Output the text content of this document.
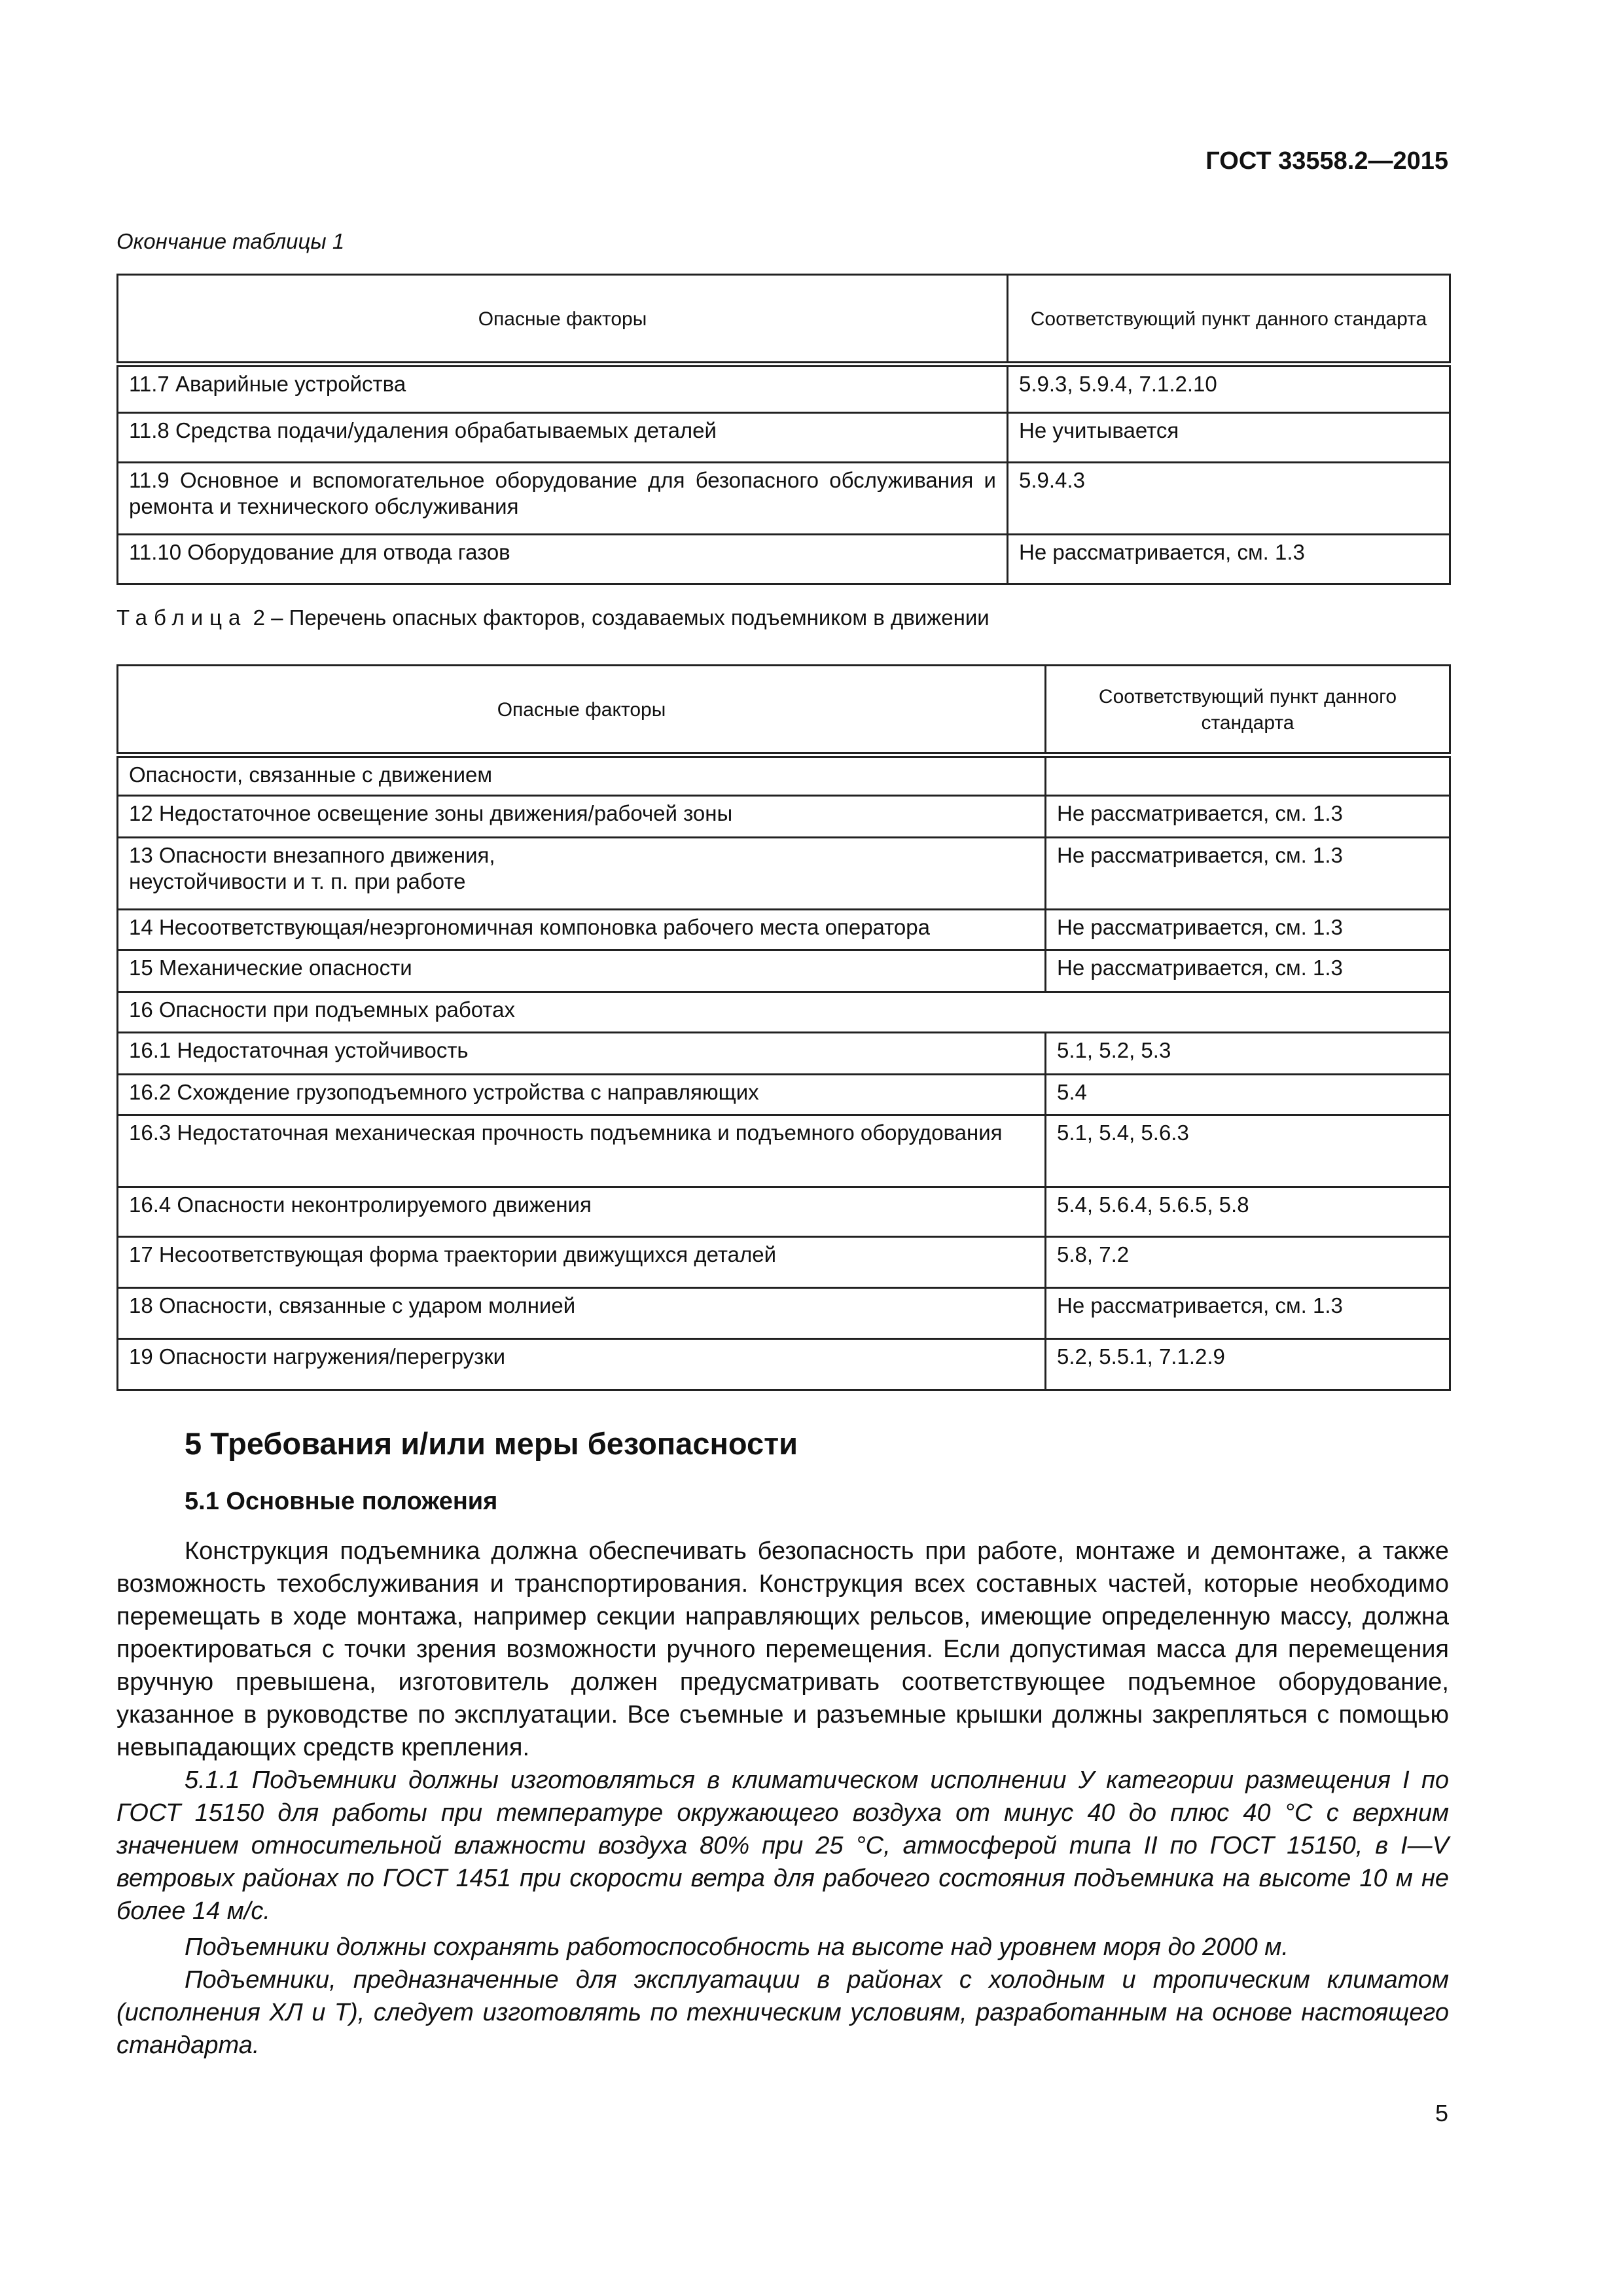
ГОСТ 33558.2—2015
Окончание таблицы 1
Опасные факторы	Соответствующий пункт данного стандарта
11.7 Аварийные устройства	5.9.3, 5.9.4, 7.1.2.10
11.8 Средства подачи/удаления обрабатываемых деталей	Не учитывается
11.9 Основное и вспомогательное оборудование для безопасного обслуживания и ремонта и технического обслуживания	5.9.4.3
11.10 Оборудование для отвода газов	Не рассматривается, см. 1.3
Таблица 2 – Перечень опасных факторов, создаваемых подъемником в движении
Опасные факторы	Соответствующий пункт данного стандарта
Опасности, связанные с движением	
12 Недостаточное освещение зоны движения/рабочей зоны	Не рассматривается, см. 1.3
13 Опасности внезапного движения, неустойчивости и т. п. при работе	Не рассматривается, см. 1.3
14 Несоответствующая/неэргономичная компоновка рабочего места оператора	Не рассматривается, см. 1.3
15 Механические опасности	Не рассматривается, см. 1.3
16 Опасности при подъемных работах	
16.1 Недостаточная устойчивость	5.1, 5.2, 5.3
16.2 Схождение грузоподъемного устройства с направляющих	5.4
16.3 Недостаточная механическая прочность подъемника и подъемного оборудования	5.1, 5.4, 5.6.3
16.4 Опасности неконтролируемого движения	5.4, 5.6.4, 5.6.5, 5.8
17 Несоответствующая форма траектории движущихся деталей	5.8, 7.2
18 Опасности, связанные с ударом молнией	Не рассматривается, см. 1.3
19 Опасности нагружения/перегрузки	5.2, 5.5.1, 7.1.2.9
5 Требования и/или меры безопасности
5.1 Основные положения

Конструкция подъемника должна обеспечивать безопасность при работе, монтаже и демонтаже, а также возможность техобслуживания и транспортирования. Конструкция всех составных частей, которые необходимо перемещать в ходе монтажа, например секции направляющих рельсов, имеющие определенную массу, должна проектироваться с точки зрения возможности ручного перемещения. Если допустимая масса для перемещения вручную превышена, изготовитель должен предусматривать соответствующее подъемное оборудование, указанное в руководстве по эксплуатации. Все съемные и разъемные крышки должны закрепляться с помощью невыпадающих средств крепления.

5.1.1 Подъемники должны изготовляться в климатическом исполнении У категории размещения I по ГОСТ 15150 для работы при температуре окружающего воздуха от минус 40 до плюс 40 °С с верхним значением относительной влажности воздуха 80% при 25 °С, атмосферой типа II по ГОСТ 15150, в I—V ветровых районах по ГОСТ 1451 при скорости ветра для рабочего состояния подъемника на высоте 10 м не более 14 м/с.

Подъемники должны сохранять работоспособность на высоте над уровнем моря до 2000 м.

Подъемники, предназначенные для эксплуатации в районах с холодным и тропическим климатом (исполнения ХЛ и Т), следует изготовлять по техническим условиям, разработанным на основе настоящего стандарта.

5
